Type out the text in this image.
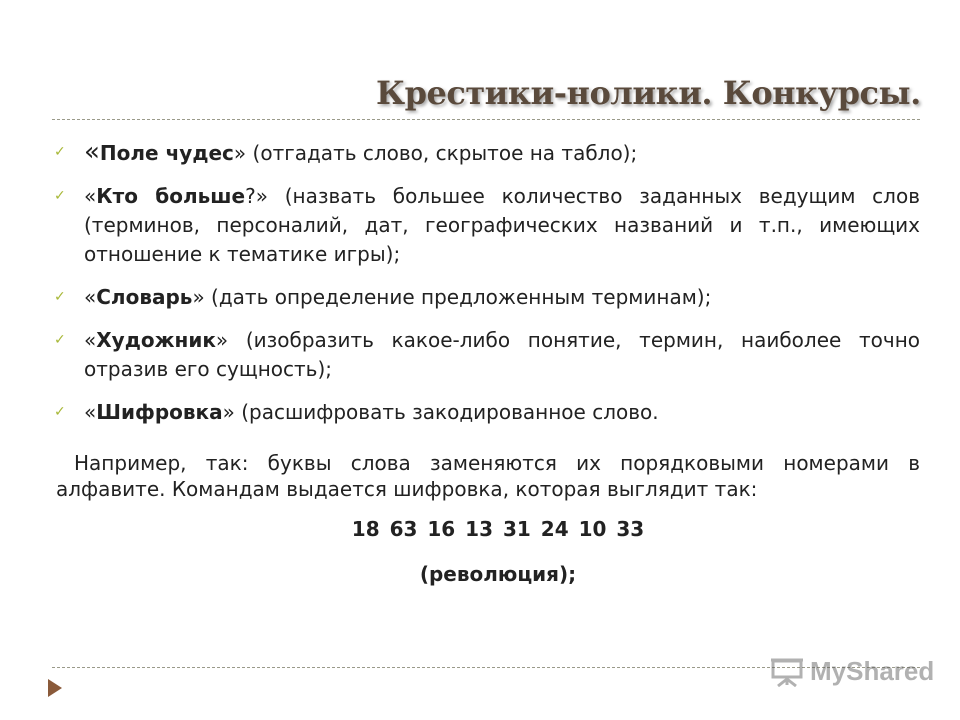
Крестики-нолики. Конкурсы.
✓ «Поле чудес» (отгадать слово, скрытое на табло);
✓ «Кто больше?» (назвать большее количество заданных ведущим слов (терминов, персоналий, дат, географических названий и т.п., имеющих отношение к тематике игры);
✓ «Словарь» (дать определение предложенным терминам);
✓ «Художник» (изобразить какое-либо понятие, термин, наиболее точно отразив его сущность);
✓ «Шифровка» (расшифровать закодированное слово.
Например, так: буквы слова заменяются их порядковыми номерами в алфавите. Командам выдается шифровка, которая выглядит так:
18 63 16 13 31 24 10 33
(революция);
MyShared
